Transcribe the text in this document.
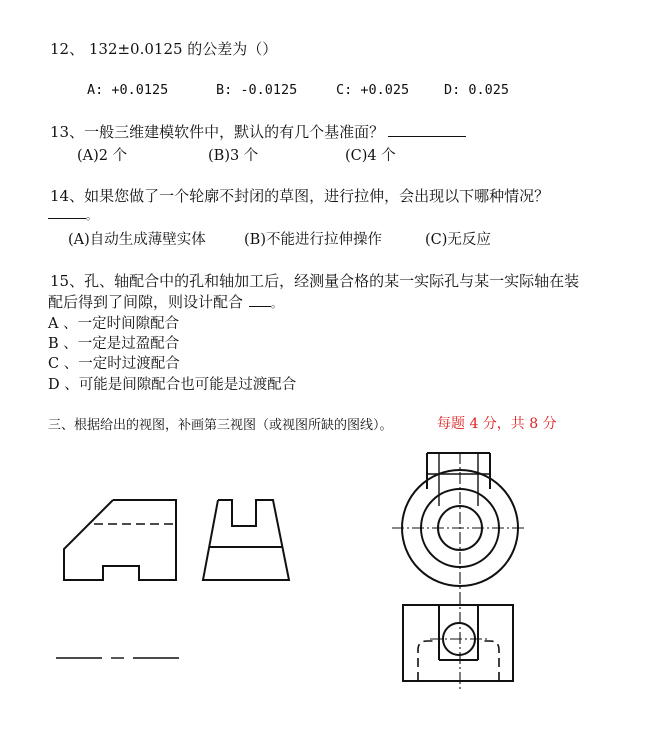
12、 132±0.0125 的公差为（）
A: +0.0125	B: -0.0125	C: +0.025	D: 0.025
13、一般三维建模软件中，默认的有几个基准面？
(A)2 个	(B)3 个	(C)4 个
14、如果您做了一个轮廓不封闭的草图，进行拉伸，会出现以下哪种情况？
。
(A)自动生成薄壁实体	(B)不能进行拉伸操作	(C)无反应
15、孔、轴配合中的孔和轴加工后，经测量合格的某一实际孔与某一实际轴在装
配后得到了间隙，则设计配合	。
A 、一定时间隙配合
B 、一定是过盈配合
C 、一定时过渡配合
D 、可能是间隙配合也可能是过渡配合
三、根据给出的视图，补画第三视图（或视图所缺的图线）。	每题 4 分，共 8 分
